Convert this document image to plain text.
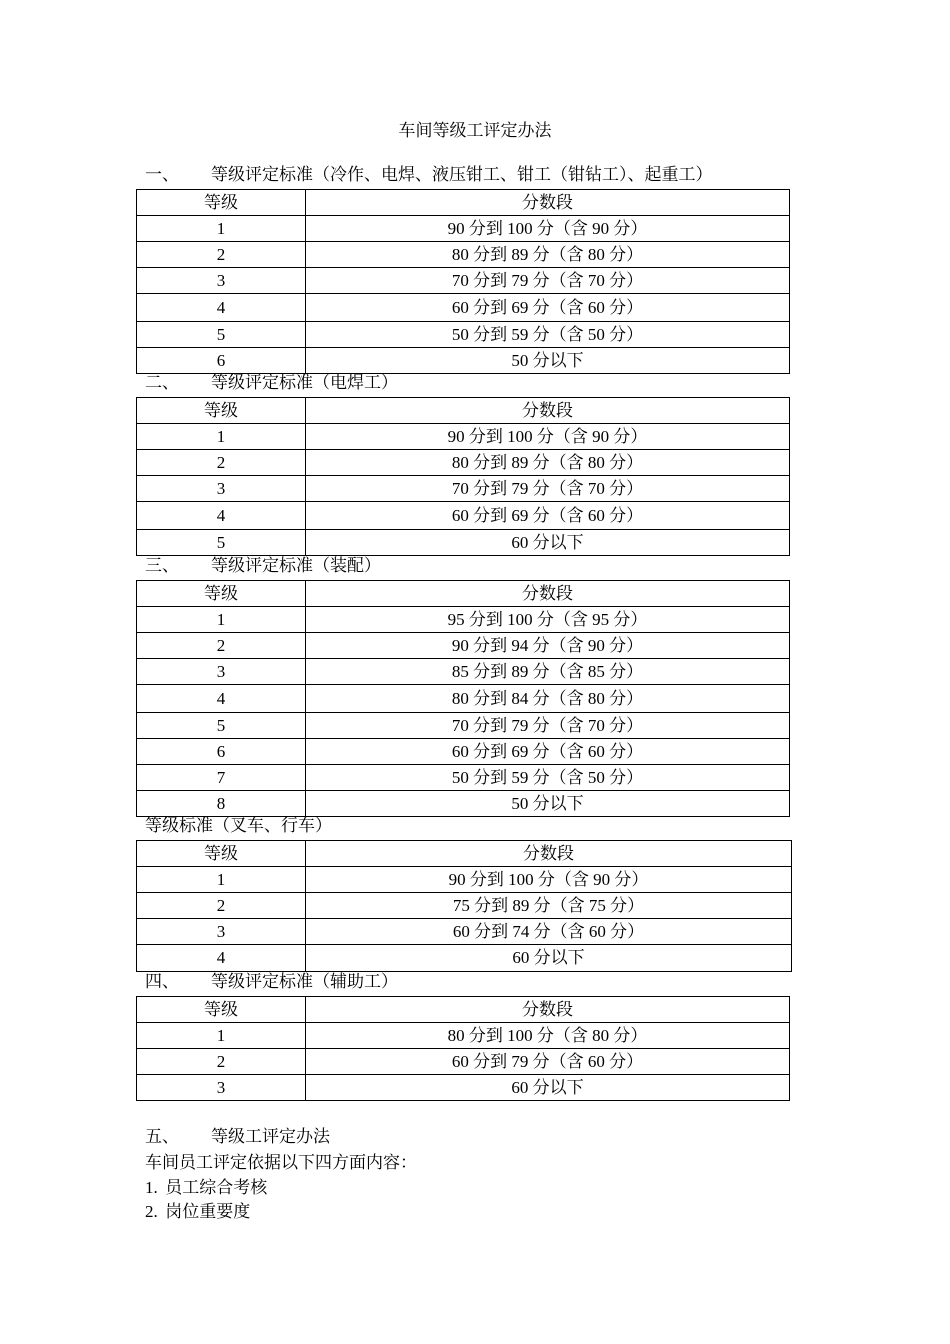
车间等级工评定办法
一、 等级评定标准（冷作、电焊、液压钳工、钳工（钳钻工）、起重工）
等级	分数段
1	90 分到 100 分（含 90 分）
2	80 分到 89 分（含 80 分）
3	70 分到 79 分（含 70 分）
4	60 分到 69 分（含 60 分）
5	50 分到 59 分（含 50 分）
6	50 分以下
二、 等级评定标准（电焊工）
等级	分数段
1	90 分到 100 分（含 90 分）
2	80 分到 89 分（含 80 分）
3	70 分到 79 分（含 70 分）
4	60 分到 69 分（含 60 分）
5	60 分以下
三、 等级评定标准（装配）
等级	分数段
1	95 分到 100 分（含 95 分）
2	90 分到 94 分（含 90 分）
3	85 分到 89 分（含 85 分）
4	80 分到 84 分（含 80 分）
5	70 分到 79 分（含 70 分）
6	60 分到 69 分（含 60 分）
7	50 分到 59 分（含 50 分）
8	50 分以下
等级标准（叉车、行车）
等级	分数段
1	90 分到 100 分（含 90 分）
2	75 分到 89 分（含 75 分）
3	60 分到 74 分（含 60 分）
4	60 分以下
四、 等级评定标准（辅助工）
等级	分数段
1	80 分到 100 分（含 80 分）
2	60 分到 79 分（含 60 分）
3	60 分以下
五、 等级工评定办法
车间员工评定依据以下四方面内容：
1. 员工综合考核
2. 岗位重要度
